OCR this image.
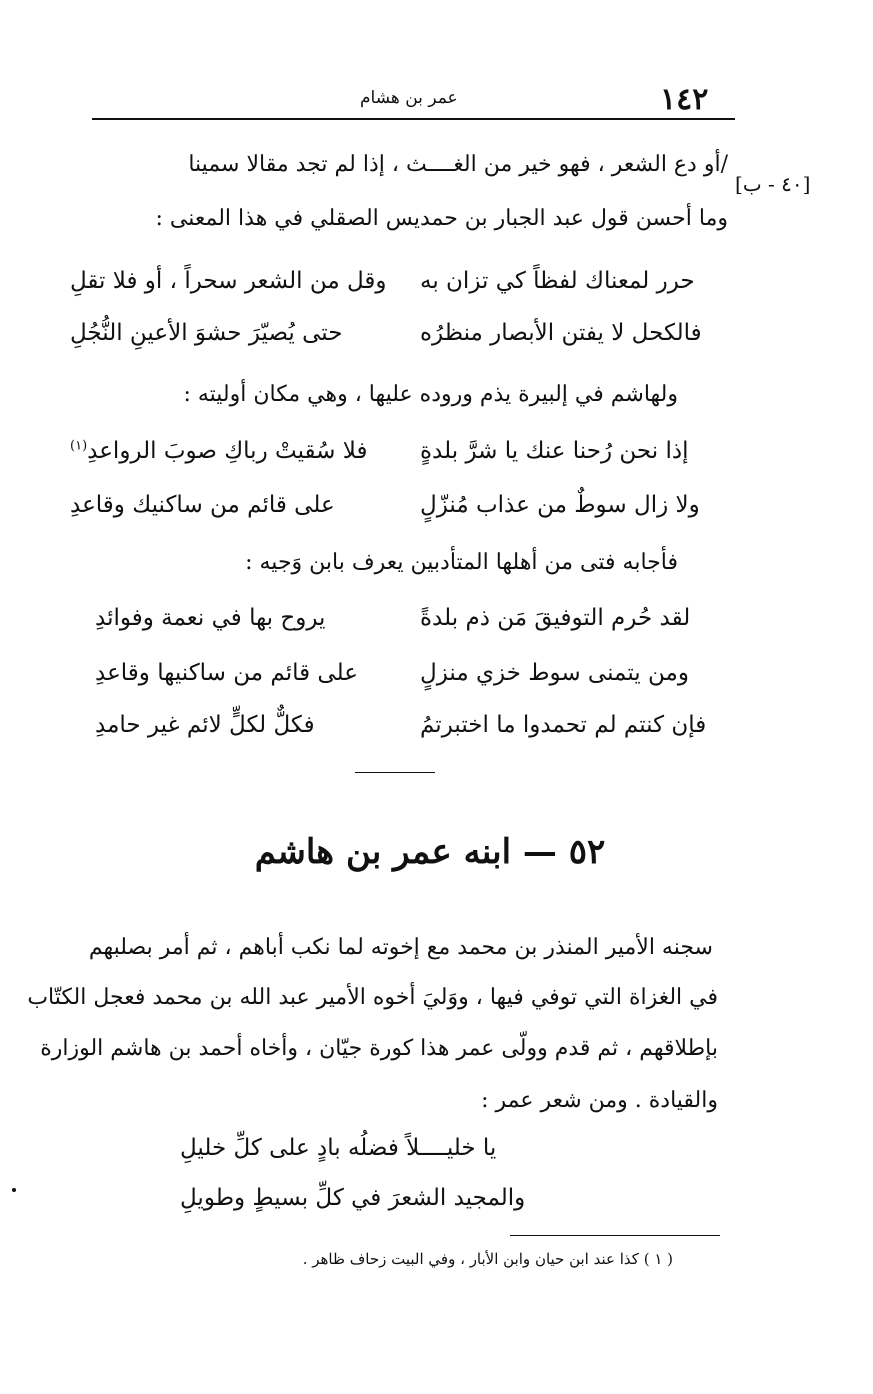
١٤٢
عمر بن هشام
/أو دع الشعر ، فهو خير من الغــــث ، إذا لم تجد مقالا سمينا
[٤٠ - ب]
وما أحسن قول عبد الجبار بن حمديس الصقلي في هذا المعنى :
حرر لمعناك لفظاً كي تزان به
وقل من الشعر سحراً ، أو فلا تقلِ
فالكحل لا يفتن الأبصار منظرُه
حتى يُصيّرَ حشوَ الأعينِ النُّجُلِ
ولهاشم في إلبيرة يذم وروده عليها ، وهي مكان أوليته :
إذا نحن رُحنا عنك يا شرَّ بلدةٍ
فلا سُقيتْ رباكِ صوبَ الرواعدِ$^{(١)}$
ولا زال سوطٌ من عذاب مُنزّلٍ
على قائم من ساكنيك وقاعدِ
فأجابه فتى من أهلها المتأدبين يعرف بابن وَجيه :
لقد حُرم التوفيقَ مَن ذم بلدةً
يروح بها في نعمة وفوائدِ
ومن يتمنى سوط خزي منزلٍ
على قائم من ساكنيها وقاعدِ
فإن كنتم لم تحمدوا ما اختبرتمُ
فكلٌّ لكلٍّ لائم غير حامدِ
٥٢ — ابنه عمر بن هاشم
سجنه الأمير المنذر بن محمد مع إخوته لما نكب أباهم ، ثم أمر بصلبهم
في الغزاة التي توفي فيها ، ووَليَ أخوه الأمير عبد الله بن محمد فعجل الكتّاب
بإطلاقهم ، ثم قدم وولّى عمر هذا كورة جيّان ، وأخاه أحمد بن هاشم الوزارة
والقيادة . ومن شعر عمر :
يا خليــــلاً فضلُه بادٍ على كلِّ خليلِ
والمجيد الشعرَ في كلِّ بسيطٍ وطويلِ
( ١ ) كذا عند ابن حيان وابن الأبار ، وفي البيت زحاف ظاهر .
